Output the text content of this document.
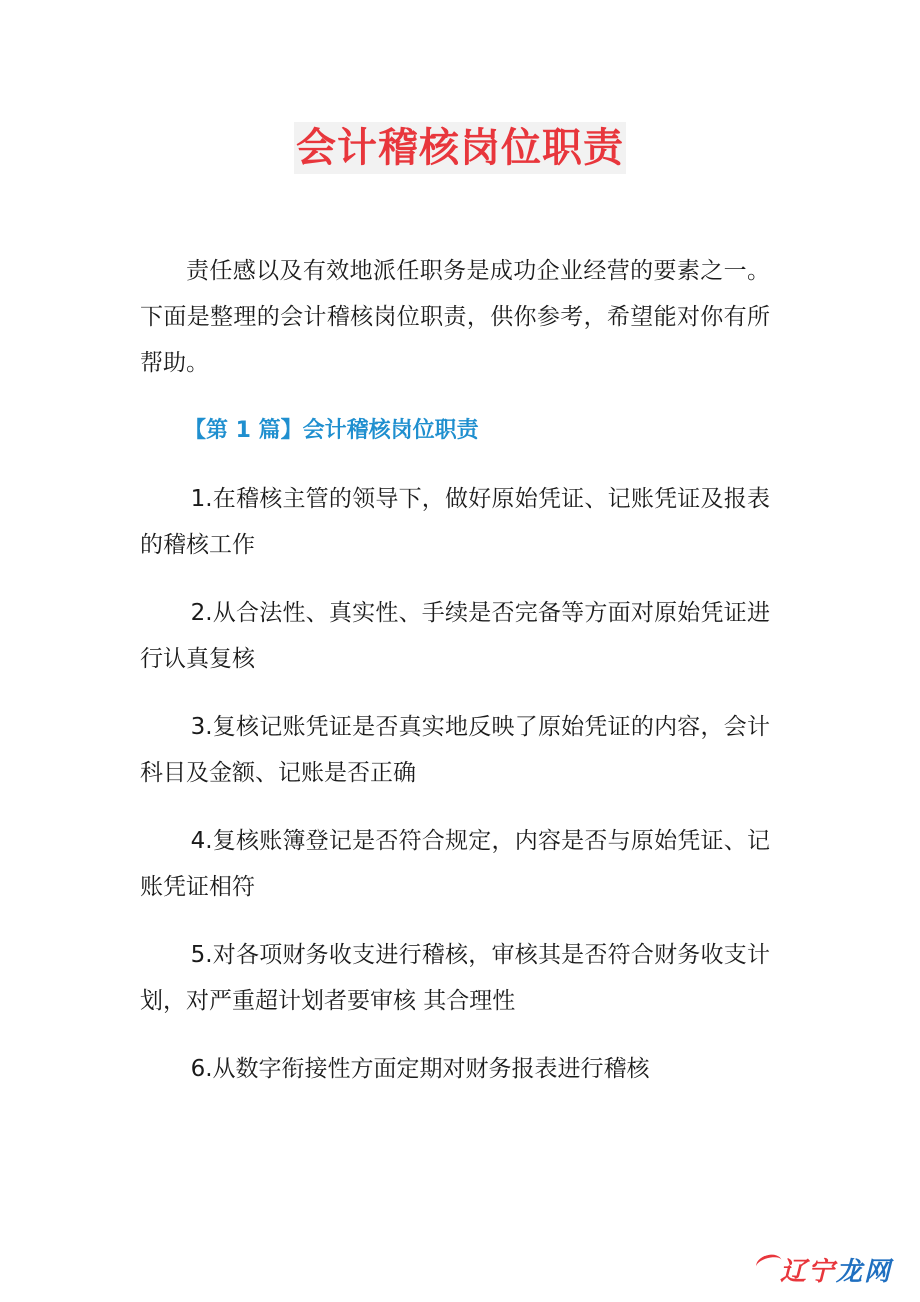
会计稽核岗位职责

责任感以及有效地派任职务是成功企业经营的要素之一。下面是整理的会计稽核岗位职责，供你参考，希望能对你有所帮助。

【第 1 篇】会计稽核岗位职责

1.在稽核主管的领导下，做好原始凭证、记账凭证及报表的稽核工作

2.从合法性、真实性、手续是否完备等方面对原始凭证进行认真复核

3.复核记账凭证是否真实地反映了原始凭证的内容，会计科目及金额、记账是否正确

4.复核账簿登记是否符合规定，内容是否与原始凭证、记账凭证相符

5.对各项财务收支进行稽核，审核其是否符合财务收支计划，对严重超计划者要审核 其合理性

6.从数字衔接性方面定期对财务报表进行稽核

辽 宁 龙 网
